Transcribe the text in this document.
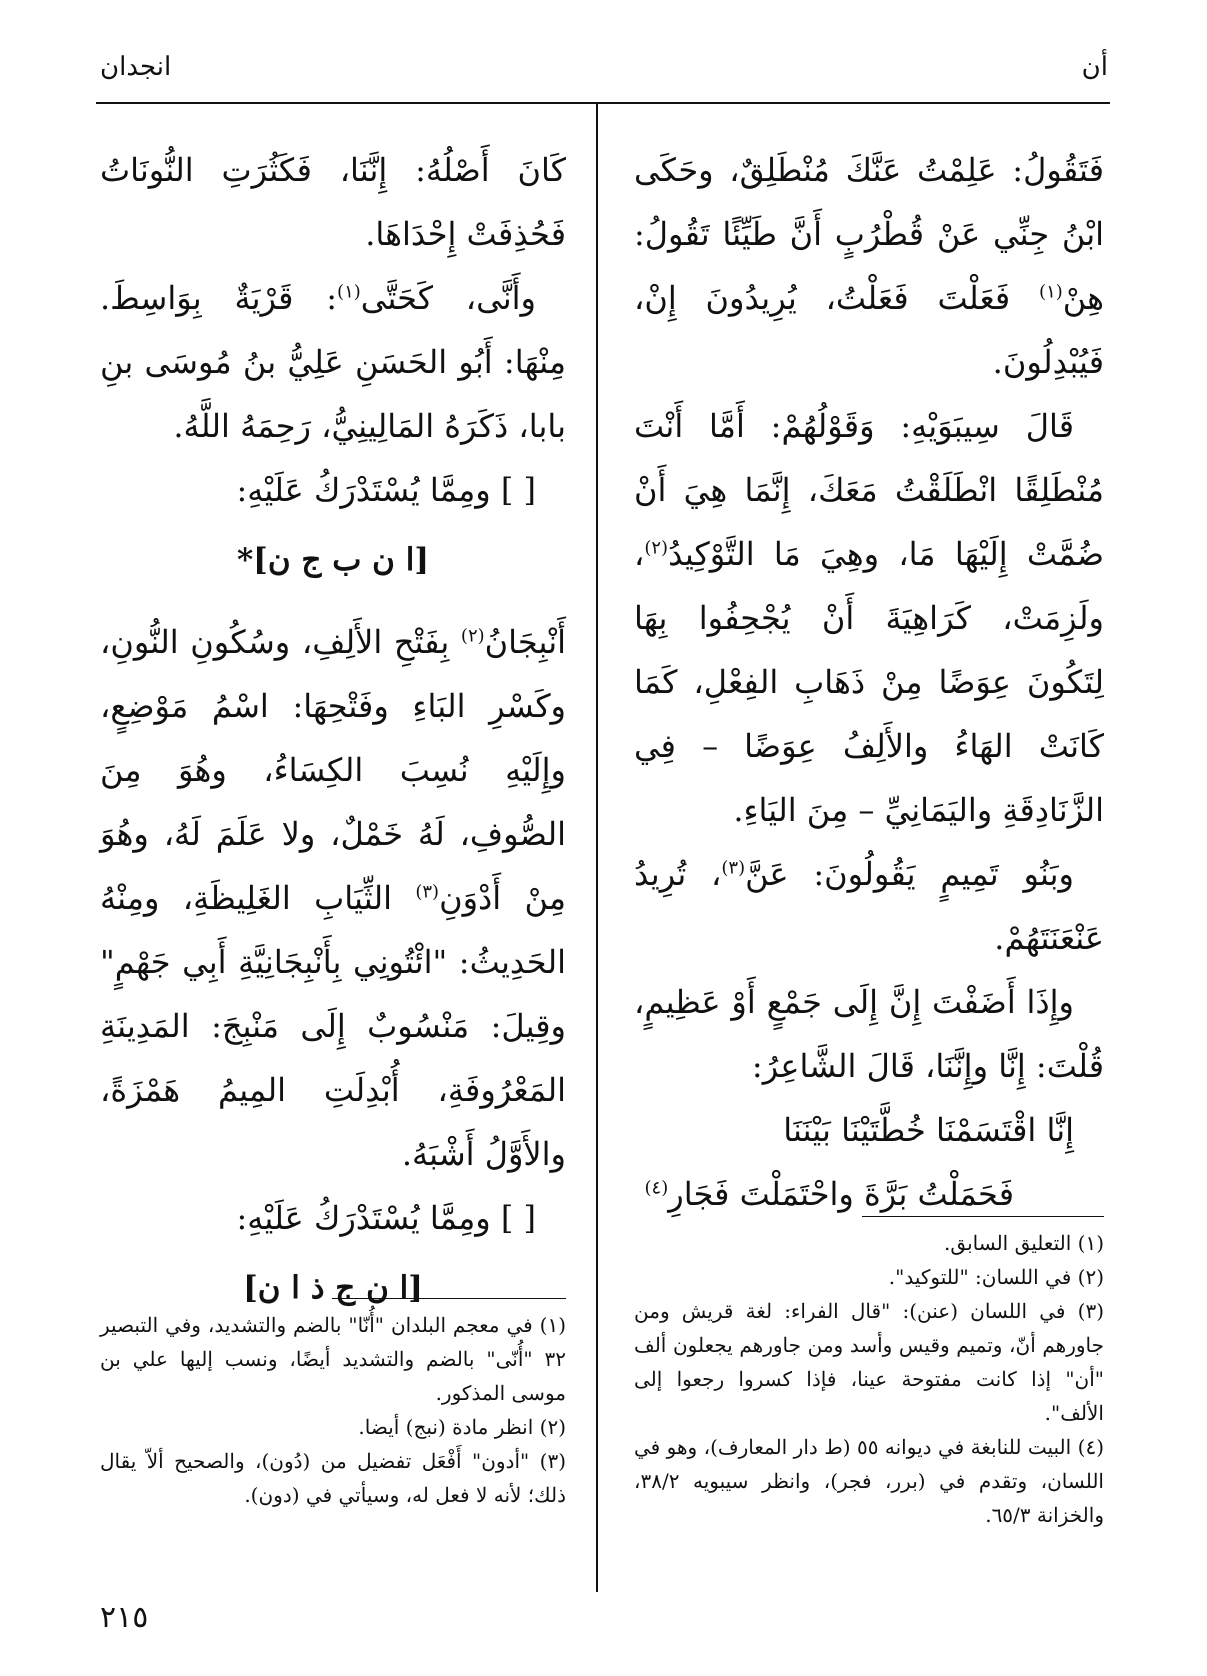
أن
انجدان

فَتَقُولُ: عَلِمْتُ عَنَّكَ مُنْطَلِقٌ، وحَكَى ابْنُ جِنِّي عَنْ قُطْرُبٍ أَنَّ طَيِّئًا تَقُولُ: هِنْ$^{(١)}$ فَعَلْتَ فَعَلْتُ، يُرِيدُونَ إِنْ، فَيُبْدِلُونَ.

قَالَ سِيبَوَيْهِ: وَقَوْلُهُمْ: أَمَّا أَنْتَ مُنْطَلِقًا انْطَلَقْتُ مَعَكَ، إِنَّمَا هِيَ أَنْ ضُمَّتْ إِلَيْهَا مَا، وهِيَ مَا التَّوْكِيدُ$^{(٢)}$، ولَزِمَتْ، كَرَاهِيَةَ أَنْ يُجْحِفُوا بِهَا لِتَكُونَ عِوَضًا مِنْ ذَهَابِ الفِعْلِ، كَمَا كَانَتْ الهَاءُ والأَلِفُ عِوَضًا – فِي الزَّنَادِقَةِ واليَمَانِيِّ – مِنَ اليَاءِ.

وبَنُو تَمِيمٍ يَقُولُونَ: عَنَّ$^{(٣)}$، تُرِيدُ عَنْعَنَتَهُمْ.

وإِذَا أَضَفْتَ إِنَّ إِلَى جَمْعٍ أَوْ عَظِيمٍ، قُلْتَ: إِنَّا وإِنَّنَا، قَالَ الشَّاعِرُ:

إِنَّا اقْتَسَمْنَا خُطَّتَيْنَا بَيْنَنَا

فَحَمَلْتُ بَرَّةَ واحْتَمَلْتَ فَجَارِ$^{(٤)}$

كَانَ أَصْلُهُ: إِنَّنَا، فَكَثُرَتِ النُّونَاتُ فَحُذِفَتْ إِحْدَاهَا.

وأَنَّى، كَحَتَّى$^{(١)}$: قَرْيَةٌ بِوَاسِطَ. مِنْهَا: أَبُو الحَسَنِ عَلِيُّ بنُ مُوسَى بنِ بابا، ذَكَرَهُ المَالِينِيُّ، رَحِمَهُ اللَّهُ.

[ ] ومِمَّا يُسْتَدْرَكُ عَلَيْهِ:

[ا ن ب ج ن]*

أَنْبِجَانُ$^{(٢)}$ بِفَتْحِ الأَلِفِ، وسُكُونِ النُّونِ، وكَسْرِ البَاءِ وفَتْحِهَا: اسْمُ مَوْضِعٍ، وإِلَيْهِ نُسِبَ الكِسَاءُ، وهُوَ مِنَ الصُّوفِ، لَهُ خَمْلٌ، ولا عَلَمَ لَهُ، وهُوَ مِنْ أَدْوَنِ$^{(٣)}$ الثِّيَابِ الغَلِيظَةِ، ومِنْهُ الحَدِيثُ: "ائْتُونِي بِأَنْبِجَانِيَّةِ أَبِي جَهْمٍ" وقِيلَ: مَنْسُوبٌ إِلَى مَنْبِجَ: المَدِينَةِ المَعْرُوفَةِ، أُبْدِلَتِ المِيمُ هَمْزَةً، والأَوَّلُ أَشْبَهُ.

[ ] ومِمَّا يُسْتَدْرَكُ عَلَيْهِ:

[ا ن ج ذ ا ن]

(١) التعليق السابق.

(٢) في اللسان: "للتوكيد".

(٣) في اللسان (عنن): "قال الفراء: لغة قريش ومن جاورهم أنّ، وتميم وقيس وأسد ومن جاورهم يجعلون ألف "أن" إذا كانت مفتوحة عينا، فإذا كسروا رجعوا إلى الألف".

(٤) البيت للنابغة في ديوانه ٥٥ (ط دار المعارف)، وهو في اللسان، وتقدم في (برر، فجر)، وانظر سيبويه ٣٨/٢، والخزانة ٦٥/٣.

(١) في معجم البلدان "أُنّا" بالضم والتشديد، وفي التبصير ٣٢ "أُنّى" بالضم والتشديد أيضًا، ونسب إليها علي بن موسى المذكور.

(٢) انظر مادة (نبج) أيضا.

(٣) "أدون" أَفْعَل تفضيل من (دُون)، والصحيح ألاّ يقال ذلك؛ لأنه لا فعل له، وسيأتي في (دون).

٢١٥
